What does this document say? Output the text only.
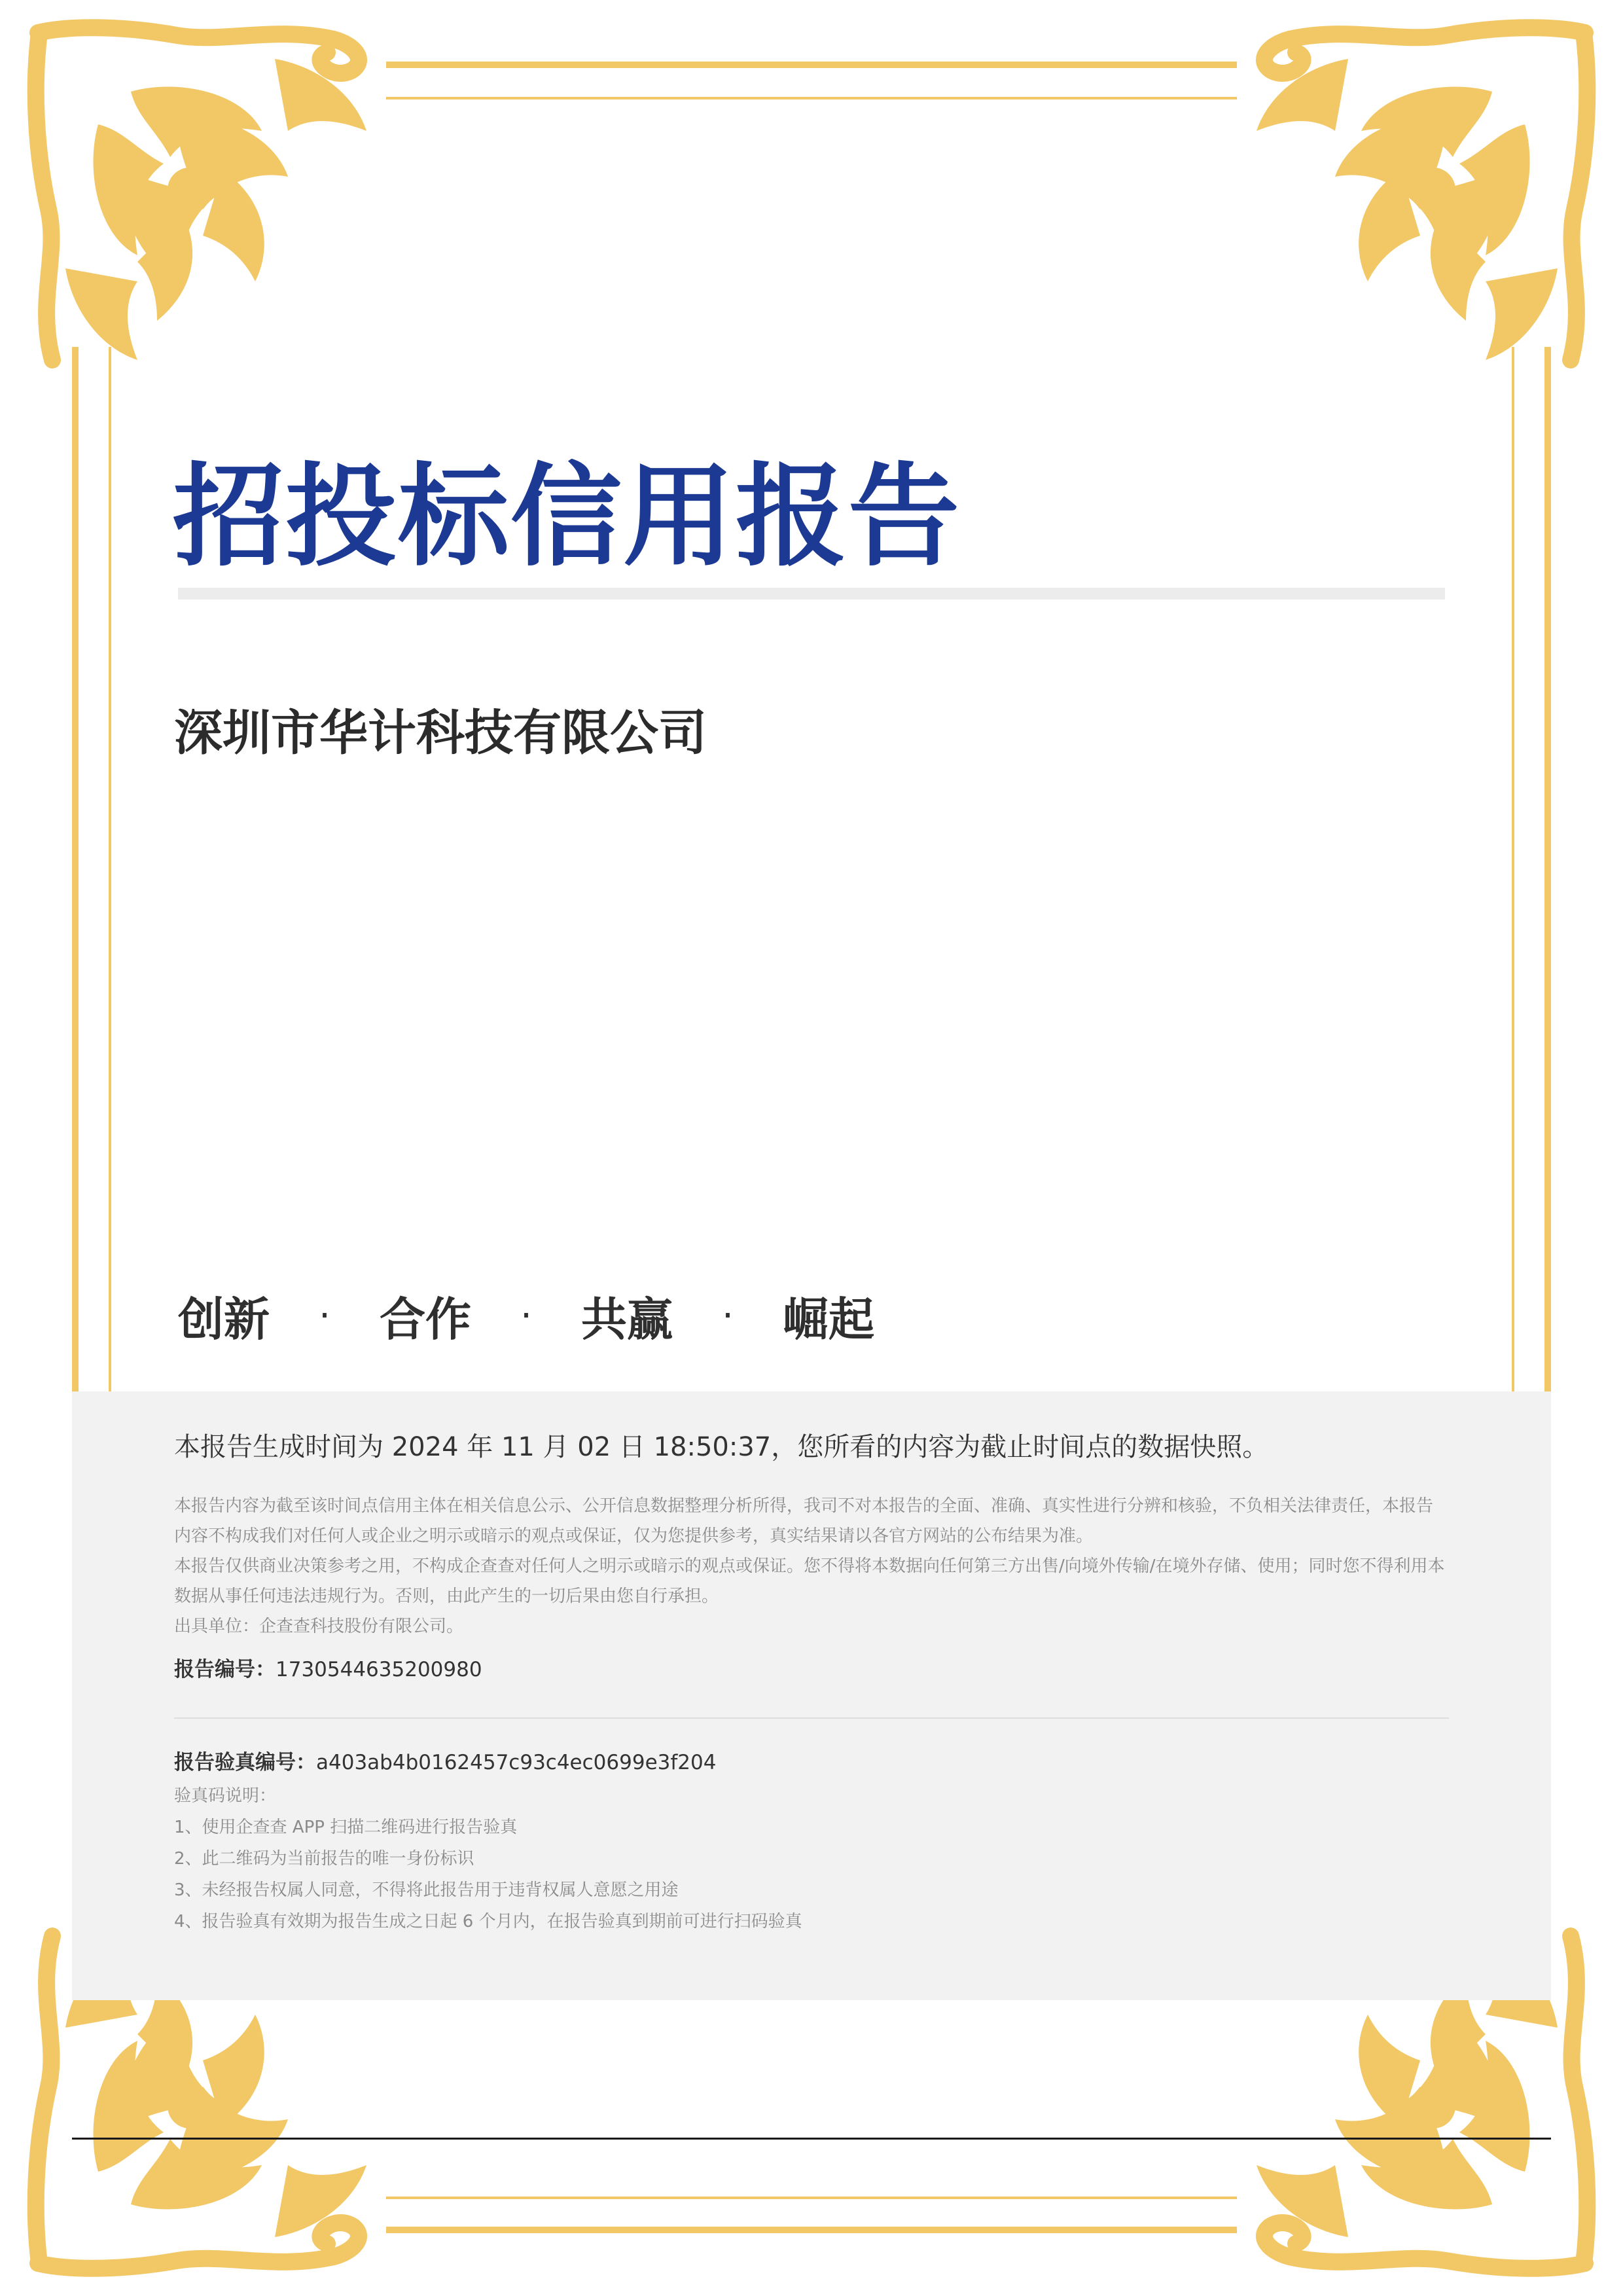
招投标信用报告
深圳市华计科技有限公司
创新	·	合作	·	共赢	·	崛起

本报告生成时间为 2024 年 11 月 02 日 18:50:37，您所看的内容为截止时间点的数据快照。

本报告内容为截至该时间点信用主体在相关信息公示、公开信息数据整理分析所得，我司不对本报告的全面、准确、真实性进行分辨和核验，不负相关法律责任，本报告内容不构成我们对任何人或企业之明示或暗示的观点或保证，仅为您提供参考，真实结果请以各官方网站的公布结果为准。

本报告仅供商业决策参考之用，不构成企查查对任何人之明示或暗示的观点或保证。您不得将本数据向任何第三方出售/向境外传输/在境外存储、使用；同时您不得利用本数据从事任何违法违规行为。否则，由此产生的一切后果由您自行承担。

出具单位：企查查科技股份有限公司。

报告编号：1730544635200980

报告验真编号：a403ab4b0162457c93c4ec0699e3f204
验真码说明：
1、使用企查查 APP 扫描二维码进行报告验真
2、此二维码为当前报告的唯一身份标识
3、未经报告权属人同意，不得将此报告用于违背权属人意愿之用途
4、报告验真有效期为报告生成之日起 6 个月内，在报告验真到期前可进行扫码验真
